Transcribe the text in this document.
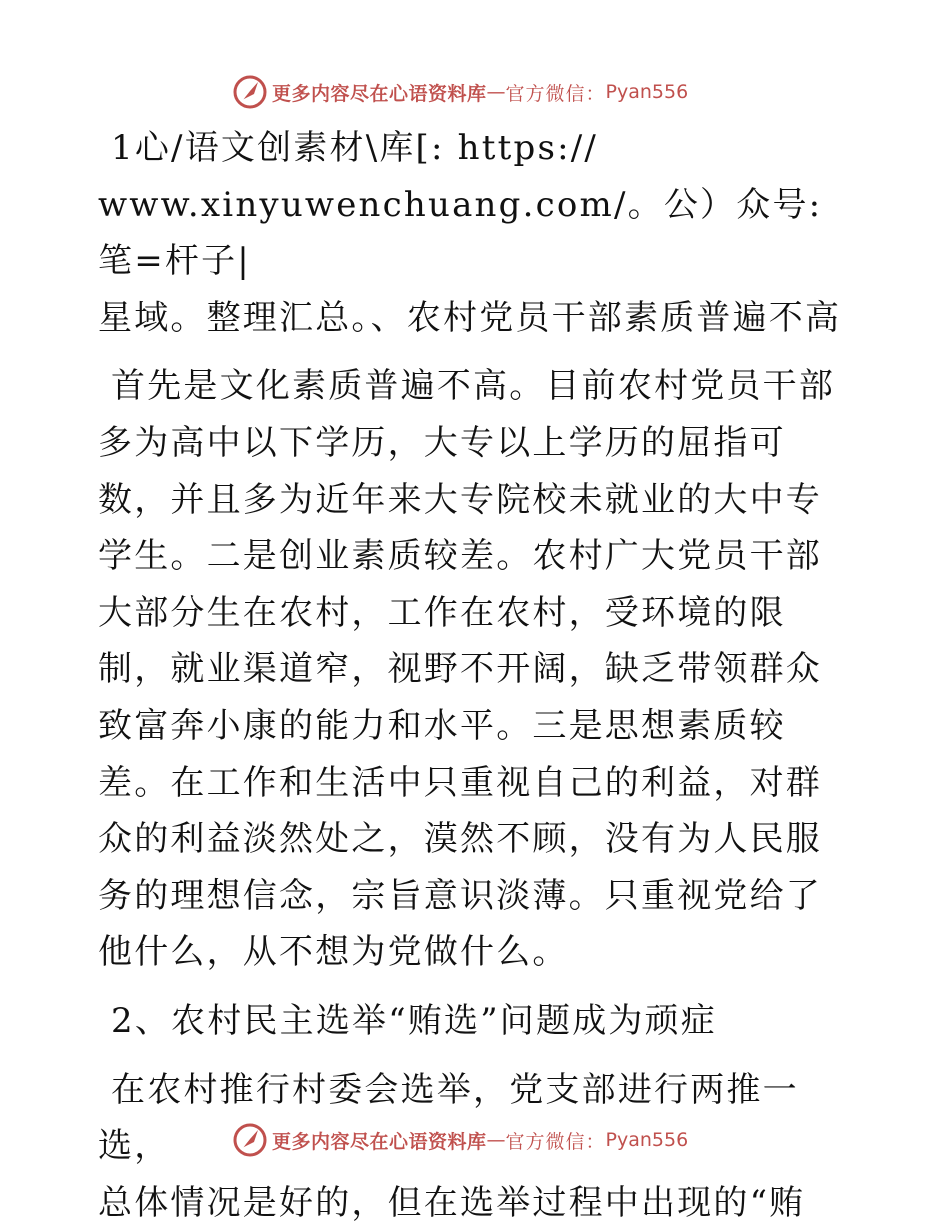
更多内容尽在心语资料库 — 官方微信： Pyan556

1心/语文创素材\库[: https://
www.xinyuwenchuang.com/。公）众号: 笔=杆子|
星域。整理汇总。、农村党员干部素质普遍不高

首先是文化素质普遍不高。目前农村党员干部多为高中以下学历，大专以上学历的屈指可数，并且多为近年来大专院校未就业的大中专学生。二是创业素质较差。农村广大党员干部大部分生在农村，工作在农村，受环境的限制，就业渠道窄，视野不开阔，缺乏带领群众致富奔小康的能力和水平。三是思想素质较差。在工作和生活中只重视自己的利益，对群众的利益淡然处之，漠然不顾，没有为人民服务的理想信念，宗旨意识淡薄。只重视党给了他什么，从不想为党做什么。

2、农村民主选举“贿选”问题成为顽症

在农村推行村委会选举，党支部进行两推一选，
总体情况是好的，但在选举过程中出现的“贿

更多内容尽在心语资料库 — 官方微信： Pyan556
